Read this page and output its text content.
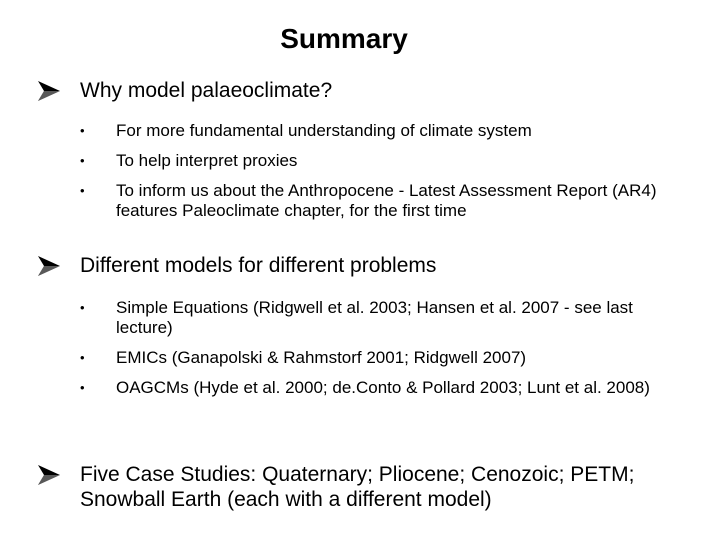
Summary
Why model palaeoclimate?
• For more fundamental understanding of climate system
• To help interpret proxies
• To inform us about the Anthropocene - Latest Assessment Report (AR4) features Paleoclimate chapter, for the first time
Different models for different problems
• Simple Equations (Ridgwell et al. 2003; Hansen et al. 2007 - see last lecture)
• EMICs (Ganapolski & Rahmstorf 2001; Ridgwell 2007)
• OAGCMs (Hyde et al. 2000; de.Conto & Pollard 2003; Lunt et al. 2008)
Five Case Studies: Quaternary; Pliocene; Cenozoic; PETM; Snowball Earth (each with a different model)
